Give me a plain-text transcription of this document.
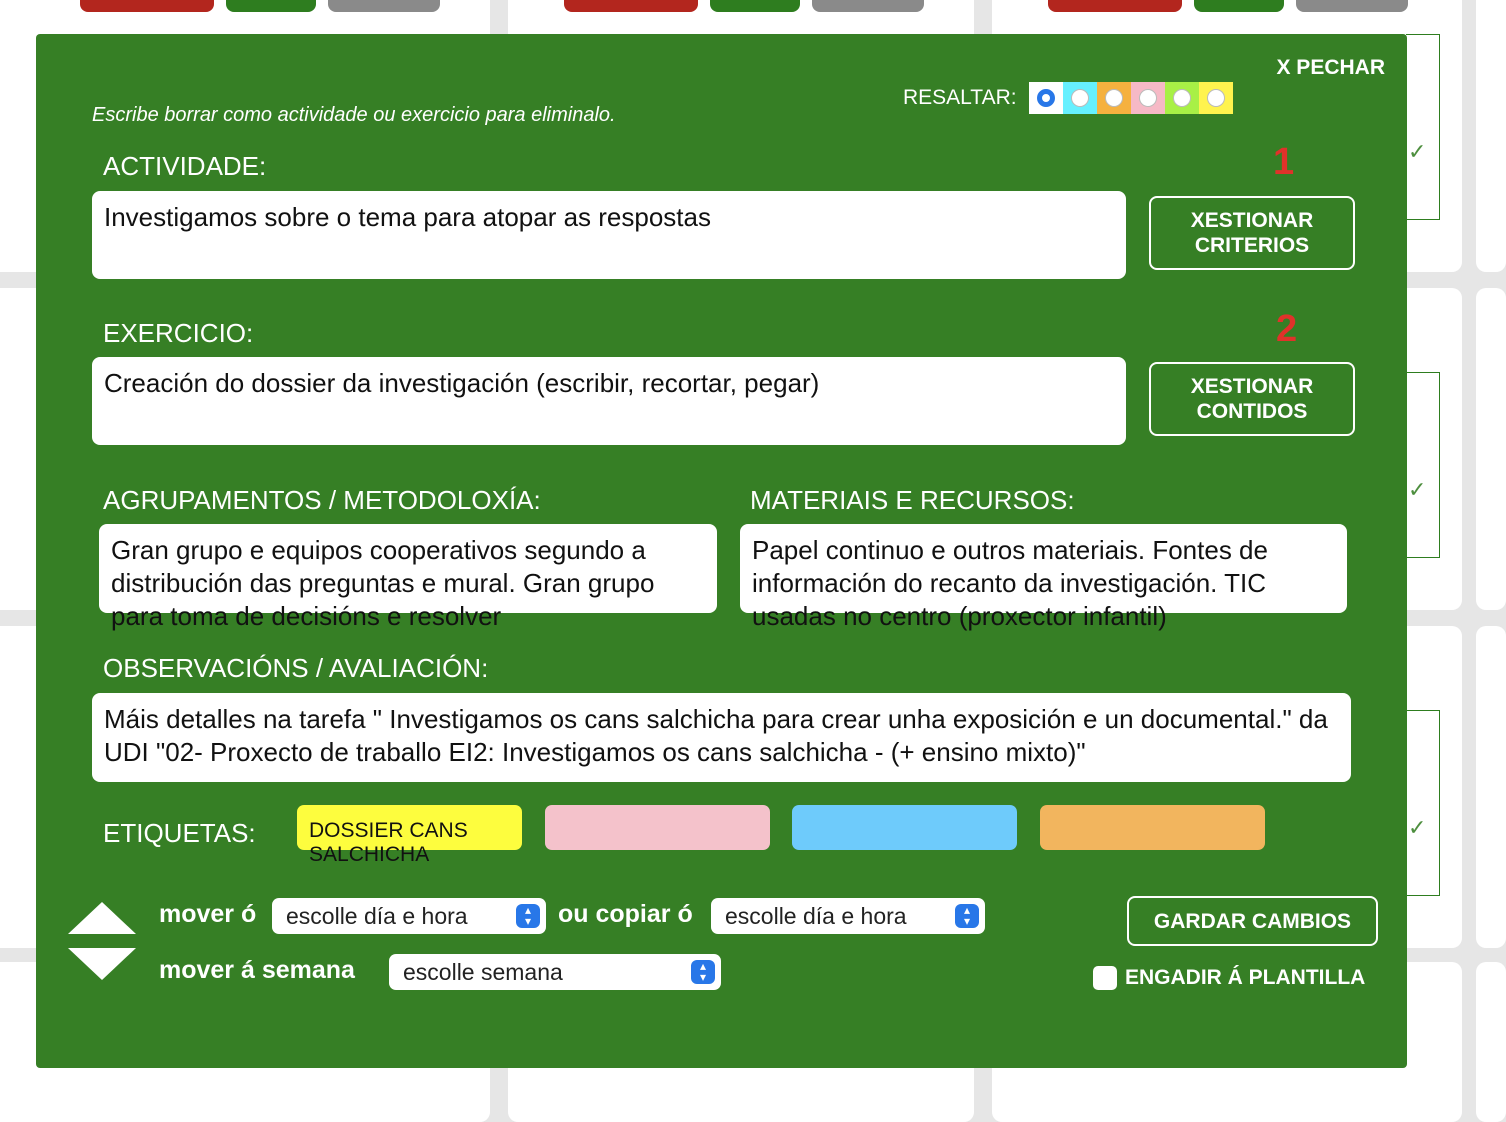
✓
✓
✓
X PECHAR
Escribe borrar como actividade ou exercicio para eliminalo.
RESALTAR:
ACTIVIDADE:	1
Investigamos sobre o tema para atopar as respostas	XESTIONAR CRITERIOS
EXERCICIO:	2
Creación do dossier da investigación (escribir, recortar, pegar)	XESTIONAR CONTIDOS
AGRUPAMENTOS / METODOLOXÍA:
Gran grupo e equipos cooperativos segundo a distribución das preguntas e mural. Gran grupo para toma de decisións e resolver
MATERIAIS E RECURSOS:
Papel continuo e outros materiais. Fontes de información do recanto da investigación. TIC usadas no centro (proxector infantil)
OBSERVACIÓNS / AVALIACIÓN:
Máis detalles na tarefa " Investigamos os cans salchicha para crear unha exposición e un documental." da UDI "02- Proxecto de traballo EI2: Investigamos os cans salchicha - (+ ensino mixto)"
ETIQUETAS:	DOSSIER CANS SALCHICHA
mover ó escolle día e hora	▴
▾	ou copiar ó escolle día e hora	▴
▾
mover á semana escolle semana	▴
▾
GARDAR CAMBIOS
ENGADIR Á PLANTILLA
